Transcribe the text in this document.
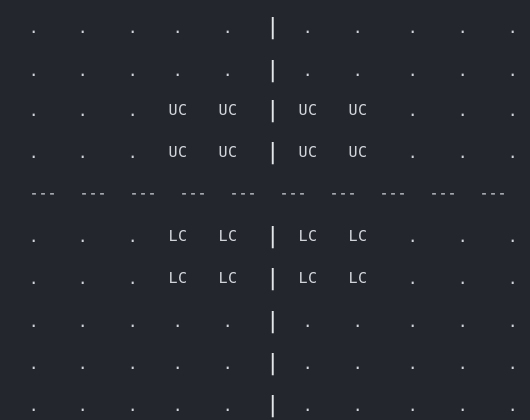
.	.	.	.	.	|	.	.	.	.	.
.	.	.	.	.	|	.	.	.	.	.
.	.	.	UC	UC	|	UC	UC	.	.	.
.	.	.	UC	UC	|	UC	UC	.	.	.
---	---	---	---	---	---	---	---	---	---
.	.	.	LC	LC	|	LC	LC	.	.	.
.	.	.	LC	LC	|	LC	LC	.	.	.
.	.	.	.	.	|	.	.	.	.	.
.	.	.	.	.	|	.	.	.	.	.
.	.	.	.	.	|	.	.	.	.	.
